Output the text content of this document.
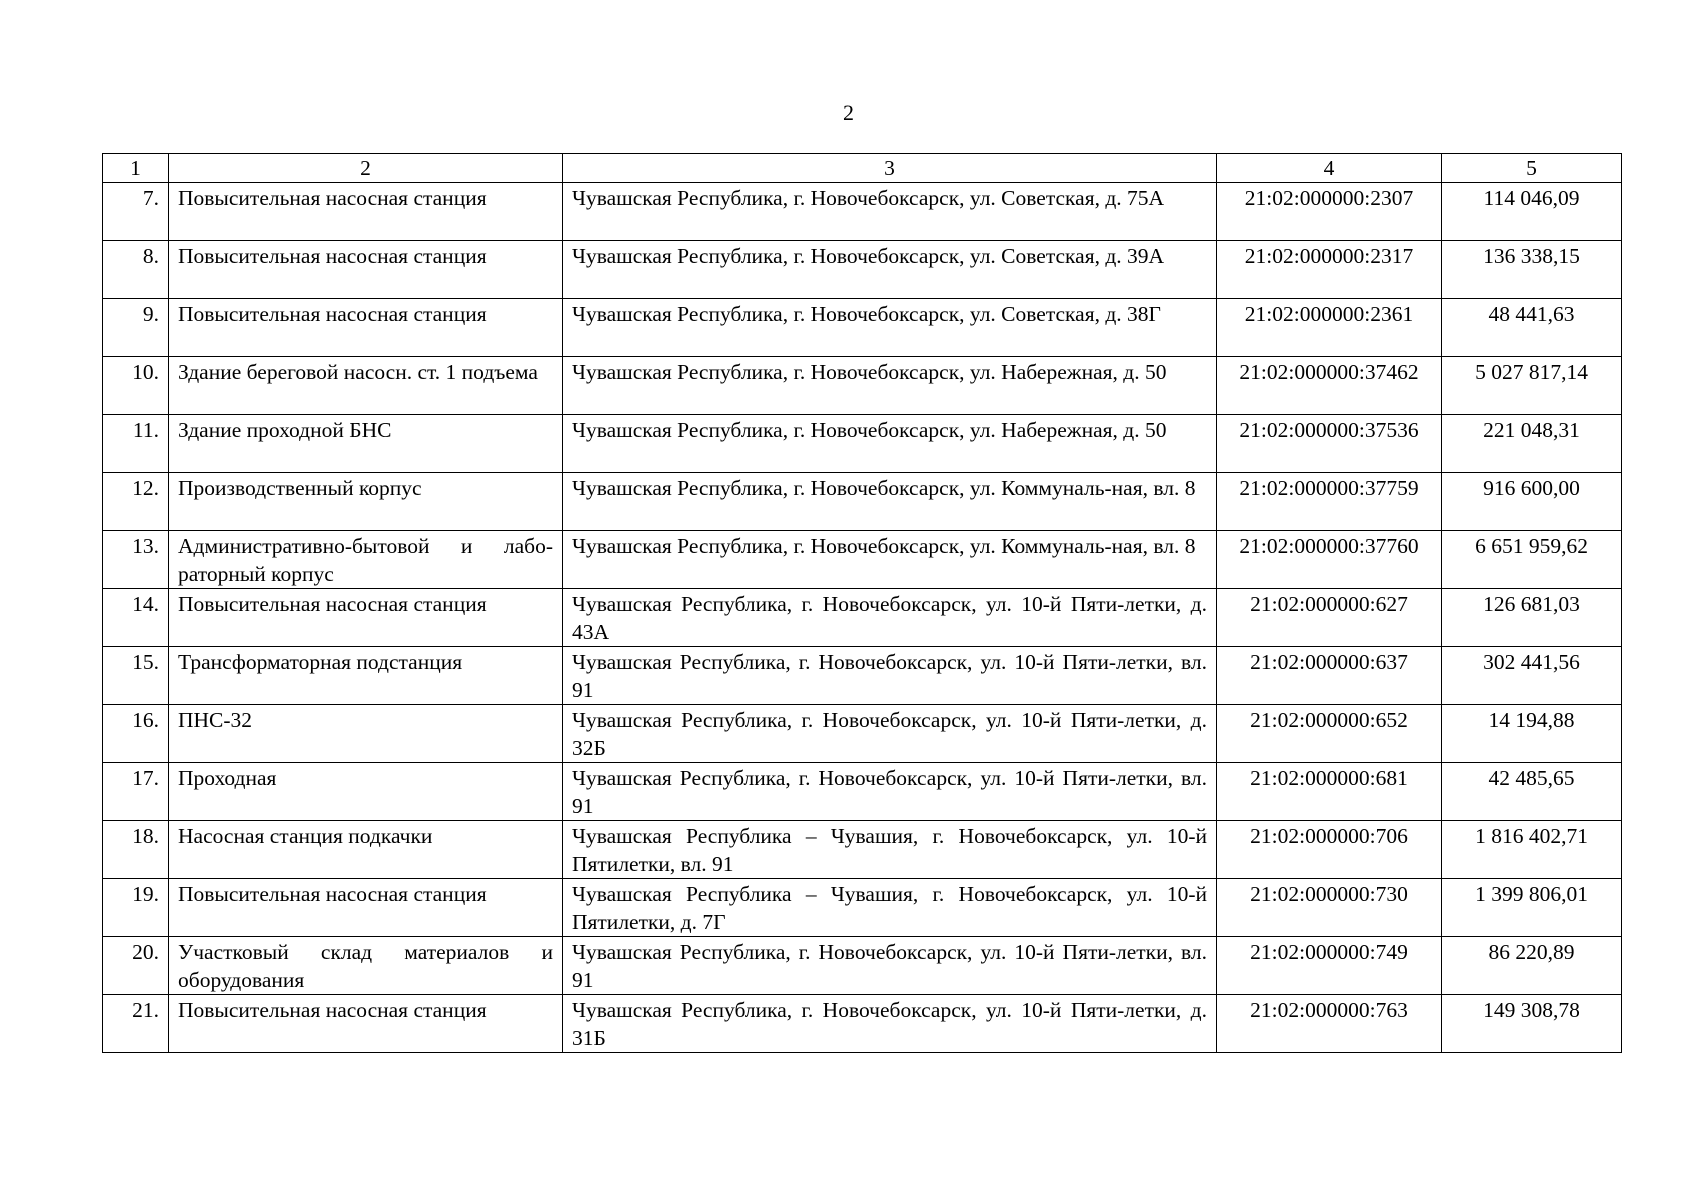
2
1	2	3	4	5
7.	Повысительная насосная станция	Чувашская Республика, г. Новочебоксарск, ул. Советская, д. 75А	21:02:000000:2307	114 046,09
8.	Повысительная насосная станция	Чувашская Республика, г. Новочебоксарск, ул. Советская, д. 39А	21:02:000000:2317	136 338,15
9.	Повысительная насосная станция	Чувашская Республика, г. Новочебоксарск, ул. Советская, д. 38Г	21:02:000000:2361	48 441,63
10.	Здание береговой насосн. ст. 1 подъема	Чувашская Республика, г. Новочебоксарск, ул. Набережная, д. 50	21:02:000000:37462	5 027 817,14
11.	Здание проходной БНС	Чувашская Республика, г. Новочебоксарск, ул. Набережная, д. 50	21:02:000000:37536	221 048,31
12.	Производственный корпус	Чувашская Республика, г. Новочебоксарск, ул. Коммуналь-ная, вл. 8	21:02:000000:37759	916 600,00
13.	Административно-бытовой и лабо-раторный корпус	Чувашская Республика, г. Новочебоксарск, ул. Коммуналь-ная, вл. 8	21:02:000000:37760	6 651 959,62
14.	Повысительная насосная станция	Чувашская Республика, г. Новочебоксарск, ул. 10-й Пяти-летки, д. 43А	21:02:000000:627	126 681,03
15.	Трансформаторная подстанция	Чувашская Республика, г. Новочебоксарск, ул. 10-й Пяти-летки, вл. 91	21:02:000000:637	302 441,56
16.	ПНС-32	Чувашская Республика, г. Новочебоксарск, ул. 10-й Пяти-летки, д. 32Б	21:02:000000:652	14 194,88
17.	Проходная	Чувашская Республика, г. Новочебоксарск, ул. 10-й Пяти-летки, вл. 91	21:02:000000:681	42 485,65
18.	Насосная станция подкачки	Чувашская Республика – Чувашия, г. Новочебоксарск, ул. 10-й Пятилетки, вл. 91	21:02:000000:706	1 816 402,71
19.	Повысительная насосная станция	Чувашская Республика – Чувашия, г. Новочебоксарск, ул. 10-й Пятилетки, д. 7Г	21:02:000000:730	1 399 806,01
20.	Участковый склад материалов и оборудования	Чувашская Республика, г. Новочебоксарск, ул. 10-й Пяти-летки, вл. 91	21:02:000000:749	86 220,89
21.	Повысительная насосная станция	Чувашская Республика, г. Новочебоксарск, ул. 10-й Пяти-летки, д. 31Б	21:02:000000:763	149 308,78
